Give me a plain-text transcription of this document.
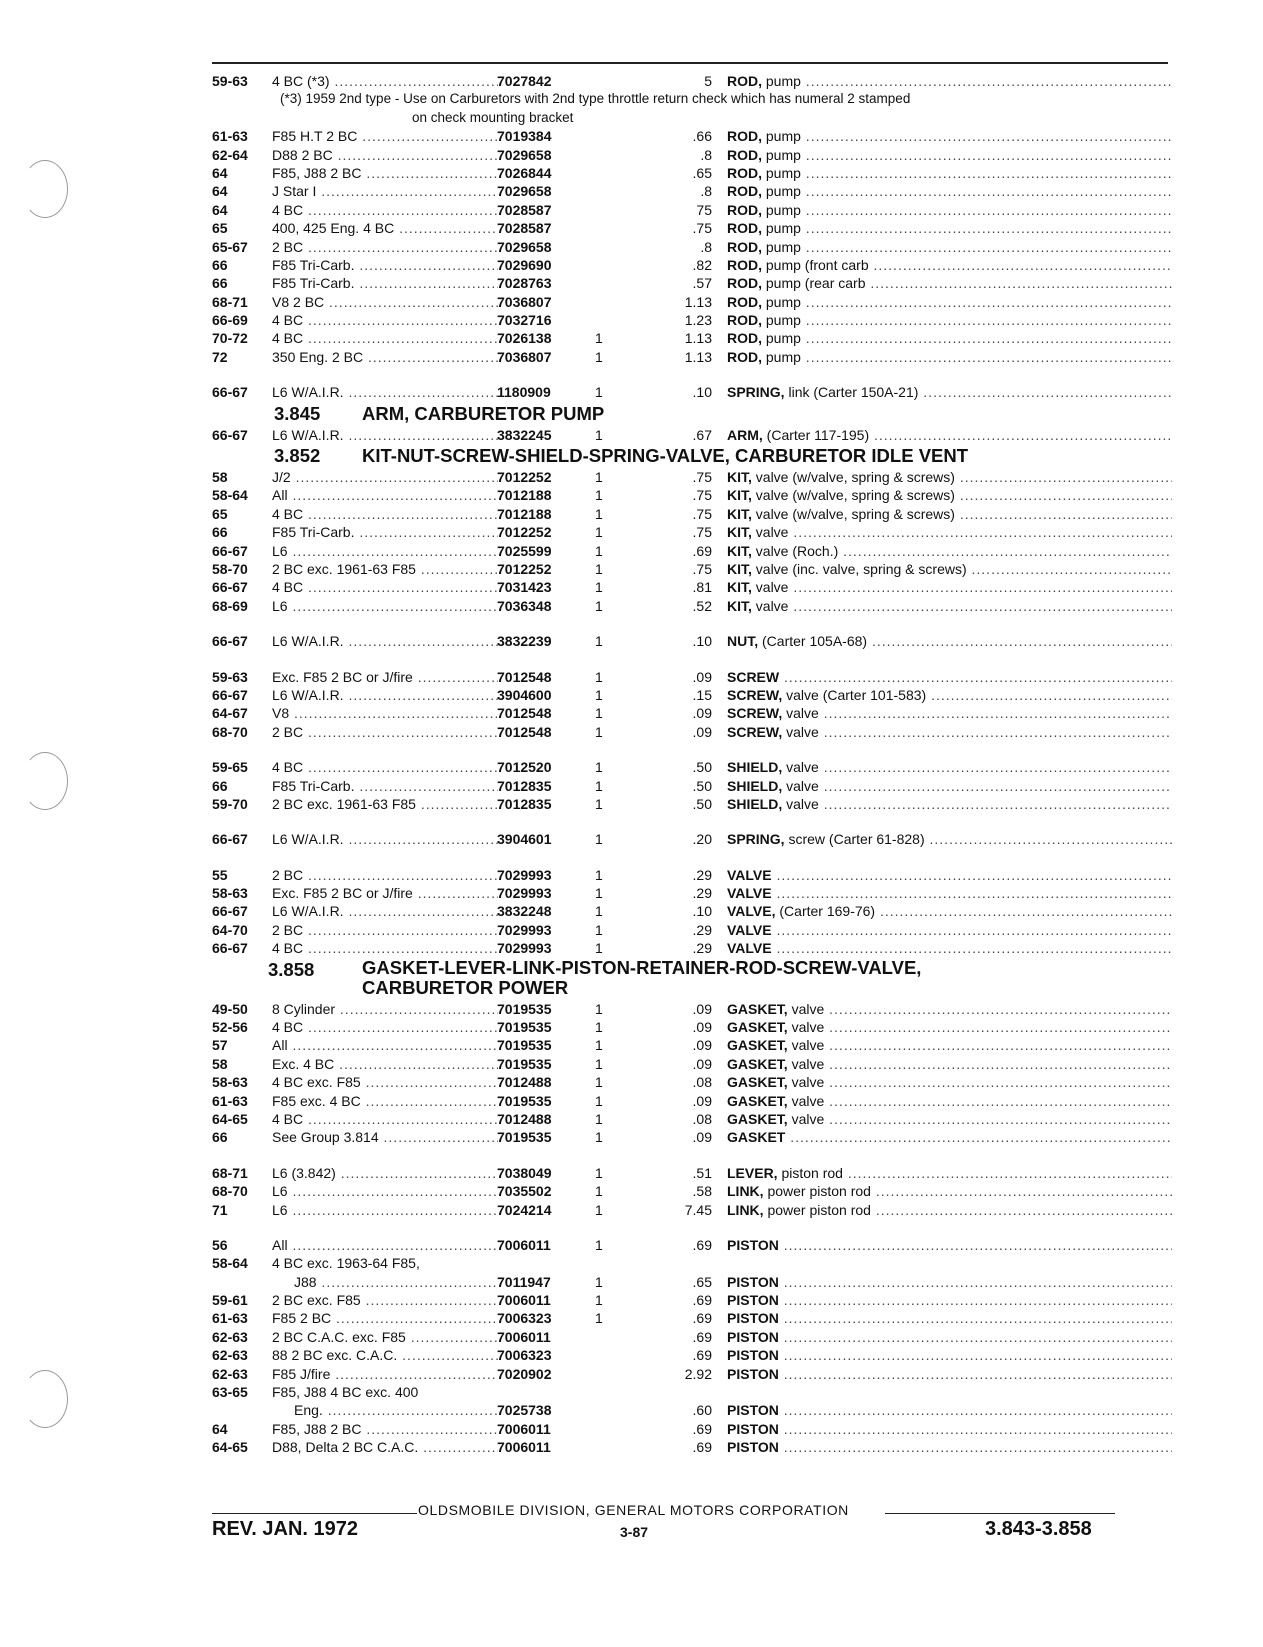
59-63 4 BC (*3) .....	7027842	5 ROD, pump .....
(*3) 1959 2nd type - Use on Carburetors with 2nd type throttle return check which has numeral 2 stamped
on check mounting bracket
61-63 F85 H.T 2 BC .....	7019384	.66 ROD, pump .....
62-64 D88 2 BC .....	7029658	.8 ROD, pump .....
64	F85, J88 2 BC .....	7026844	.65 ROD, pump .....
64	J Star I .....	7029658	.8 ROD, pump .....
64	4 BC .....	7028587	75 ROD, pump .....
65	400, 425 Eng. 4 BC .....	7028587	.75 ROD, pump .....
65-67 2 BC .....	7029658	.8 ROD, pump .....
66	F85 Tri-Carb. .....	7029690	.82 ROD, pump (front carb .....
66	F85 Tri-Carb. .....	7028763	.57 ROD, pump (rear carb .....
68-71 V8 2 BC .....	7036807	1.13 ROD, pump .....
66-69 4 BC .....	7032716	1.23 ROD, pump .....
70-72 4 BC .....	7026138	1	1.13 ROD, pump .....
72	350 Eng. 2 BC .....	7036807	1	1.13 ROD, pump .....
66-67 L6 W/A.I.R. .....	1180909	1	.10 SPRING, link (Carter 150A-21) .....
3.845 ARM, CARBURETOR PUMP
66-67 L6 W/A.I.R. .....	3832245	1	.67 ARM, (Carter 117-195) .....
3.852 KIT-NUT-SCREW-SHIELD-SPRING-VALVE, CARBURETOR IDLE VENT
58	J/2 .....	7012252	1	.75 KIT, valve (w/valve, spring & screws) .....
58-64 All .....	7012188	1	.75 KIT, valve (w/valve, spring & screws) .....
65	4 BC .....	7012188	1	.75 KIT, valve (w/valve, spring & screws) .....
66	F85 Tri-Carb. .....	7012252	1	.75 KIT, valve .....
66-67 L6 .....	7025599	1	.69 KIT, valve (Roch.) .....
58-70 2 BC exc. 1961-63 F85 .....	7012252	1	.75 KIT, valve (inc. valve, spring & screws) .....
66-67 4 BC .....	7031423	1	.81 KIT, valve .....
68-69 L6 .....	7036348	1	.52 KIT, valve .....
66-67 L6 W/A.I.R. .....	3832239	1	.10 NUT, (Carter 105A-68) .....
59-63 Exc. F85 2 BC or J/fire .....	7012548	1	.09 SCREW .....
66-67 L6 W/A.I.R. .....	3904600	1	.15 SCREW, valve (Carter 101-583) .....
64-67 V8 .....	7012548	1	.09 SCREW, valve .....
68-70 2 BC .....	7012548	1	.09 SCREW, valve .....
59-65 4 BC .....	7012520	1	.50 SHIELD, valve .....
66	F85 Tri-Carb. .....	7012835	1	.50 SHIELD, valve .....
59-70 2 BC exc. 1961-63 F85 .....	7012835	1	.50 SHIELD, valve .....
66-67 L6 W/A.I.R. .....	3904601	1	.20 SPRING, screw (Carter 61-828) .....
55	2 BC .....	7029993	1	.29 VALVE .....
58-63 Exc. F85 2 BC or J/fire .....	7029993	1	.29 VALVE .....
66-67 L6 W/A.I.R. .....	3832248	1	.10 VALVE, (Carter 169-76) .....
64-70 2 BC .....	7029993	1	.29 VALVE .....
66-67 4 BC .....	7029993	1	.29 VALVE .....
3.858	GASKET-LEVER-LINK-PISTON-RETAINER-ROD-SCREW-VALVE,
CARBURETOR POWER
49-50 8 Cylinder .....	7019535	1	.09 GASKET, valve .....
52-56 4 BC .....	7019535	1	.09 GASKET, valve .....
57	All .....	7019535	1	.09 GASKET, valve .....
58	Exc. 4 BC .....	7019535	1	.09 GASKET, valve .....
58-63 4 BC exc. F85 .....	7012488	1	.08 GASKET, valve .....
61-63 F85 exc. 4 BC .....	7019535	1	.09 GASKET, valve .....
64-65 4 BC .....	7012488	1	.08 GASKET, valve .....
66	See Group 3.814 .....	7019535	1	.09 GASKET .....
68-71 L6 (3.842) .....	7038049	1	.51 LEVER, piston rod .....
68-70 L6 .....	7035502	1	.58 LINK, power piston rod .....
71	L6 .....	7024214	1	7.45 LINK, power piston rod .....
56	All .....	7006011	1	.69 PISTON .....
58-64 4 BC exc. 1963-64 F85,
J88 .....	7011947	1	.65 PISTON .....
59-61 2 BC exc. F85 .....	7006011	1	.69 PISTON .....
61-63 F85 2 BC .....	7006323	1	.69 PISTON .....
62-63 2 BC C.A.C. exc. F85 .....	7006011	.69 PISTON .....
62-63 88 2 BC exc. C.A.C. .....	7006323	.69 PISTON .....
62-63 F85 J/fire .....	7020902	2.92 PISTON .....
63-65 F85, J88 4 BC exc. 400
Eng. .....	7025738	.60 PISTON .....
64	F85, J88 2 BC .....	7006011	.69 PISTON .....
64-65 D88, Delta 2 BC C.A.C. .....	7006011	.69 PISTON .....
OLDSMOBILE DIVISION, GENERAL MOTORS CORPORATION
REV. JAN. 1972	3-87	3.843-3.858
